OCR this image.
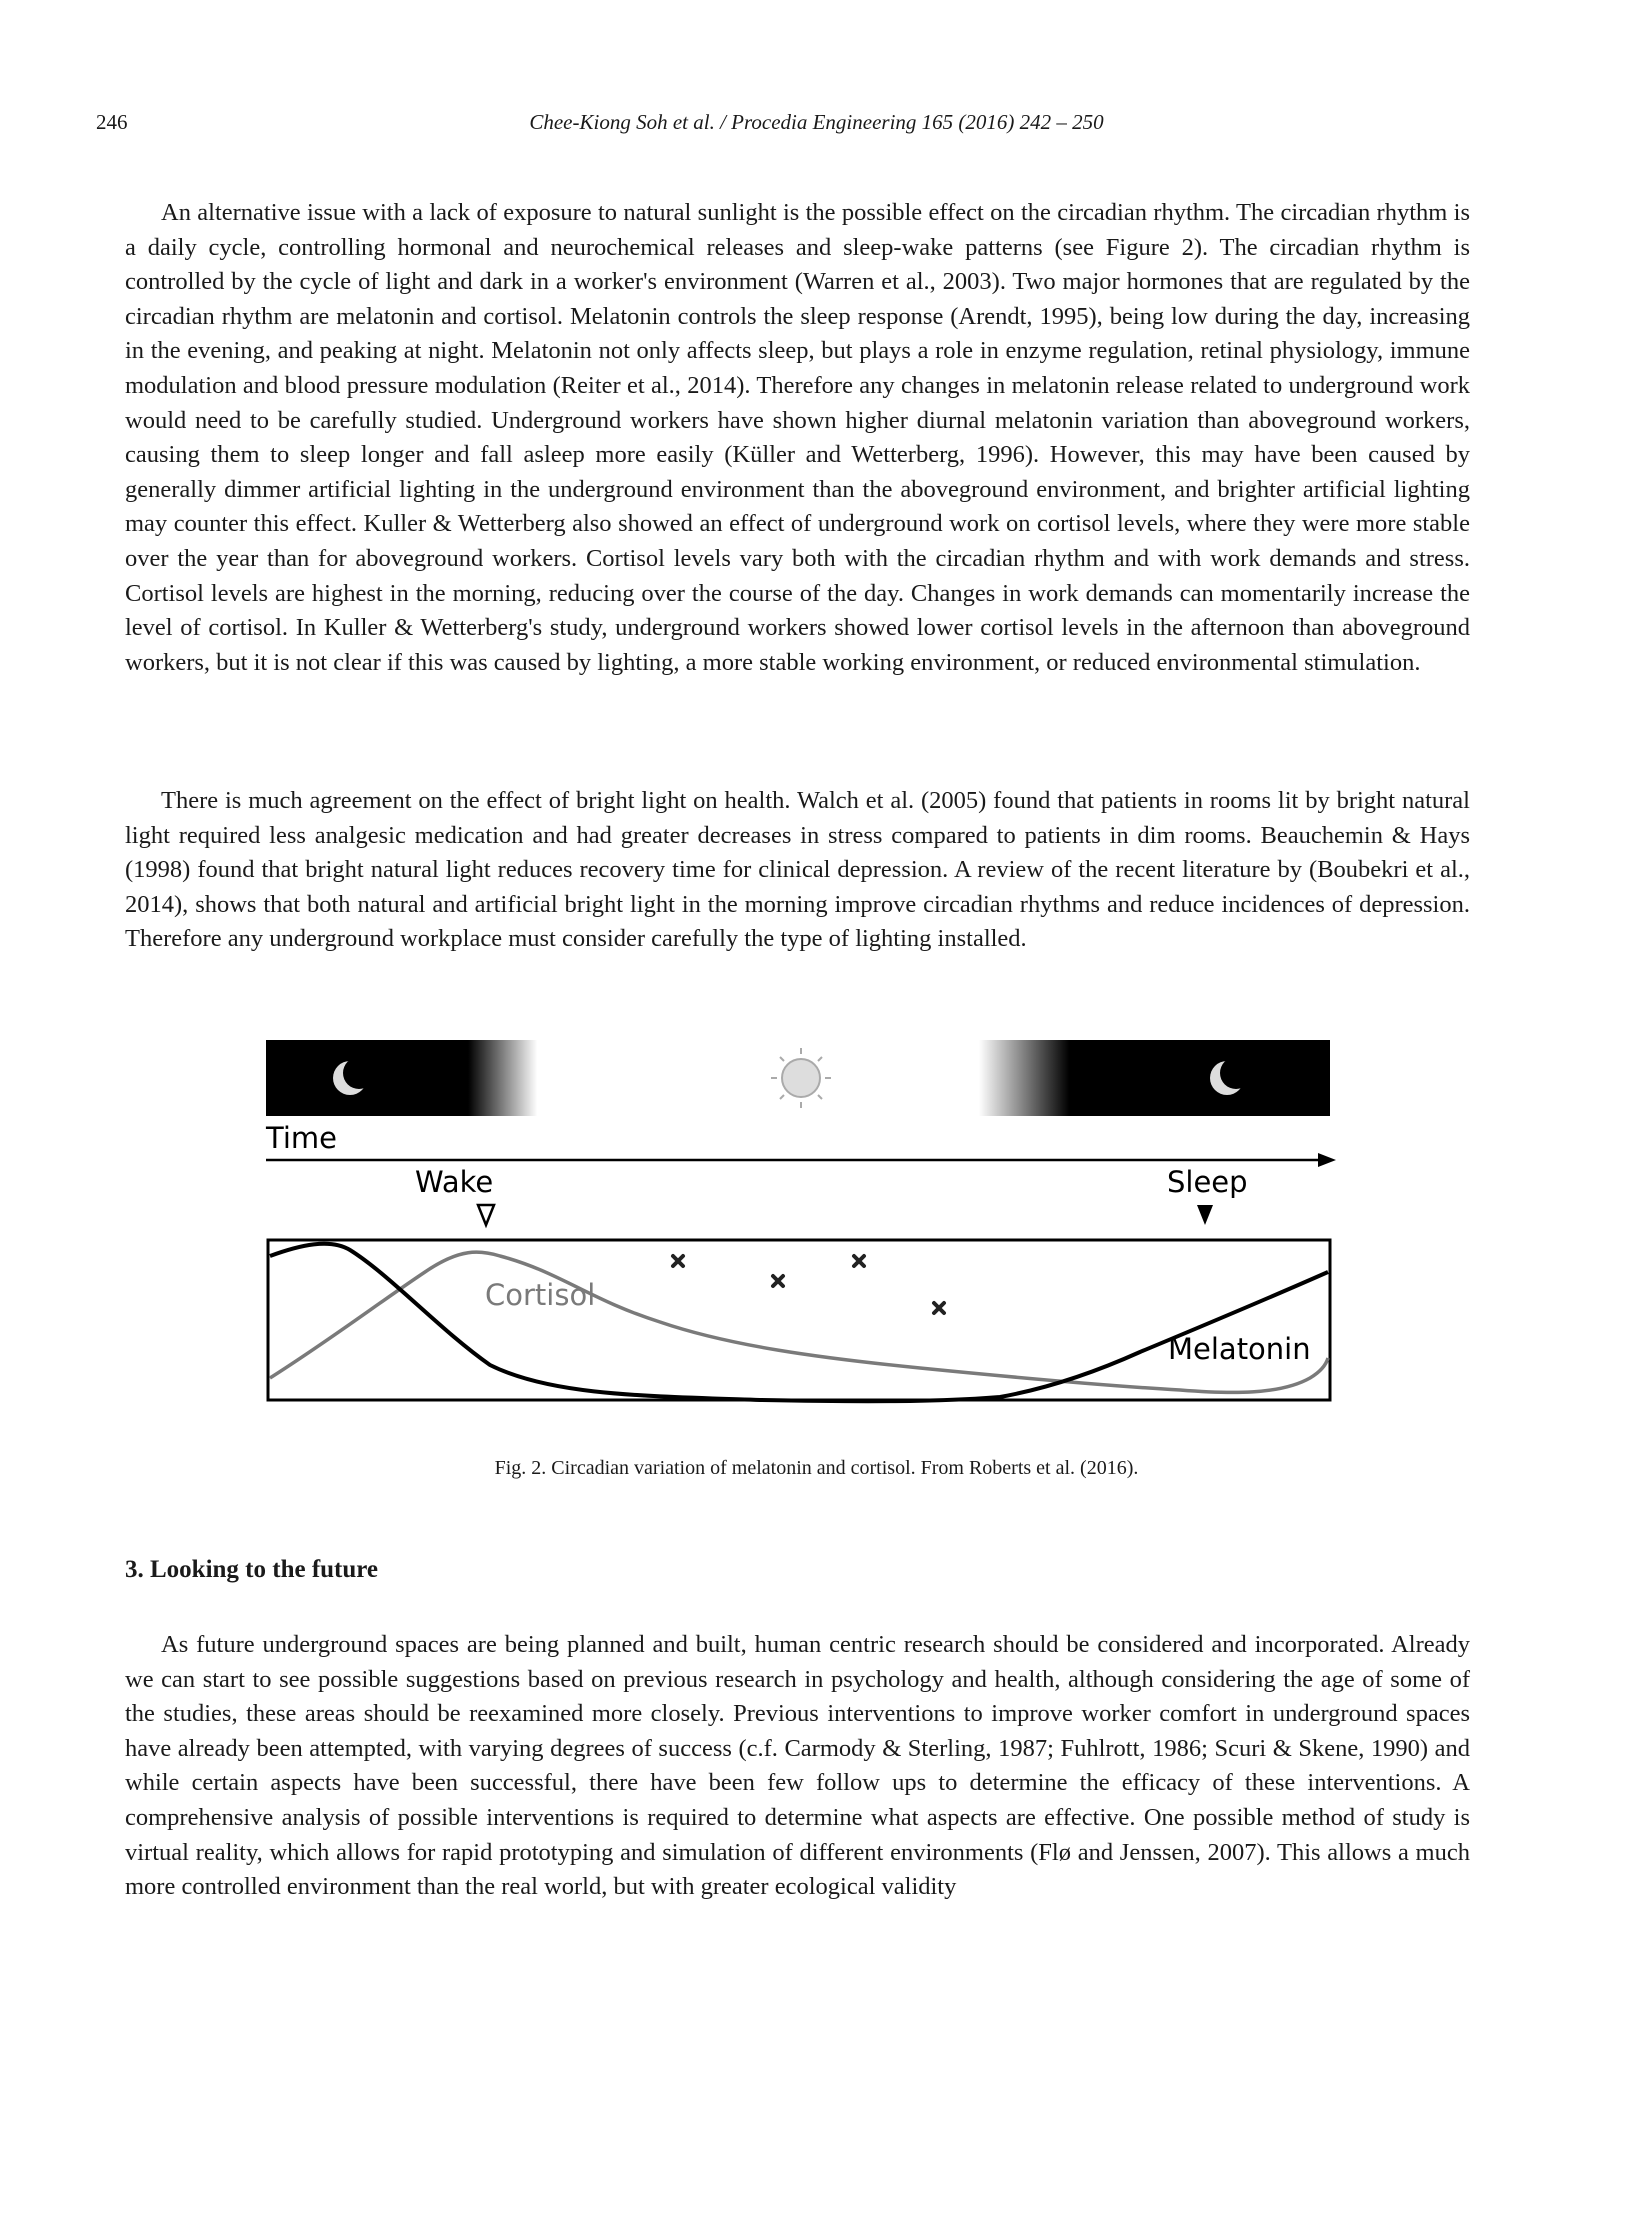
246	Chee-Kiong Soh et al. / Procedia Engineering 165 (2016) 242 – 250

An alternative issue with a lack of exposure to natural sunlight is the possible effect on the circadian rhythm. The circadian rhythm is a daily cycle, controlling hormonal and neurochemical releases and sleep-wake patterns (see Figure 2). The circadian rhythm is controlled by the cycle of light and dark in a worker's environment (Warren et al., 2003). Two major hormones that are regulated by the circadian rhythm are melatonin and cortisol. Melatonin controls the sleep response (Arendt, 1995), being low during the day, increasing in the evening, and peaking at night. Melatonin not only affects sleep, but plays a role in enzyme regulation, retinal physiology, immune modulation and blood pressure modulation (Reiter et al., 2014). Therefore any changes in melatonin release related to underground work would need to be carefully studied. Underground workers have shown higher diurnal melatonin variation than aboveground workers, causing them to sleep longer and fall asleep more easily (Küller and Wetterberg, 1996). However, this may have been caused by generally dimmer artificial lighting in the underground environment than the aboveground environment, and brighter artificial lighting may counter this effect. Kuller & Wetterberg also showed an effect of underground work on cortisol levels, where they were more stable over the year than for aboveground workers. Cortisol levels vary both with the circadian rhythm and with work demands and stress. Cortisol levels are highest in the morning, reducing over the course of the day. Changes in work demands can momentarily increase the level of cortisol. In Kuller & Wetterberg's study, underground workers showed lower cortisol levels in the afternoon than aboveground workers, but it is not clear if this was caused by lighting, a more stable working environment, or reduced environmental stimulation.

There is much agreement on the effect of bright light on health. Walch et al. (2005) found that patients in rooms lit by bright natural light required less analgesic medication and had greater decreases in stress compared to patients in dim rooms. Beauchemin & Hays (1998) found that bright natural light reduces recovery time for clinical depression. A review of the recent literature by (Boubekri et al., 2014), shows that both natural and artificial bright light in the morning improve circadian rhythms and reduce incidences of depression. Therefore any underground workplace must consider carefully the type of lighting installed.

Time
Wake	Sleep
Cortisol
Melatonin
Fig. 2. Circadian variation of melatonin and cortisol. From Roberts et al. (2016).
3. Looking to the future

As future underground spaces are being planned and built, human centric research should be considered and incorporated. Already we can start to see possible suggestions based on previous research in psychology and health, although considering the age of some of the studies, these areas should be reexamined more closely. Previous interventions to improve worker comfort in underground spaces have already been attempted, with varying degrees of success (c.f. Carmody & Sterling, 1987; Fuhlrott, 1986; Scuri & Skene, 1990) and while certain aspects have been successful, there have been few follow ups to determine the efficacy of these interventions. A comprehensive analysis of possible interventions is required to determine what aspects are effective. One possible method of study is virtual reality, which allows for rapid prototyping and simulation of different environments (Flø and Jenssen, 2007). This allows a much more controlled environment than the real world, but with greater ecological validity
